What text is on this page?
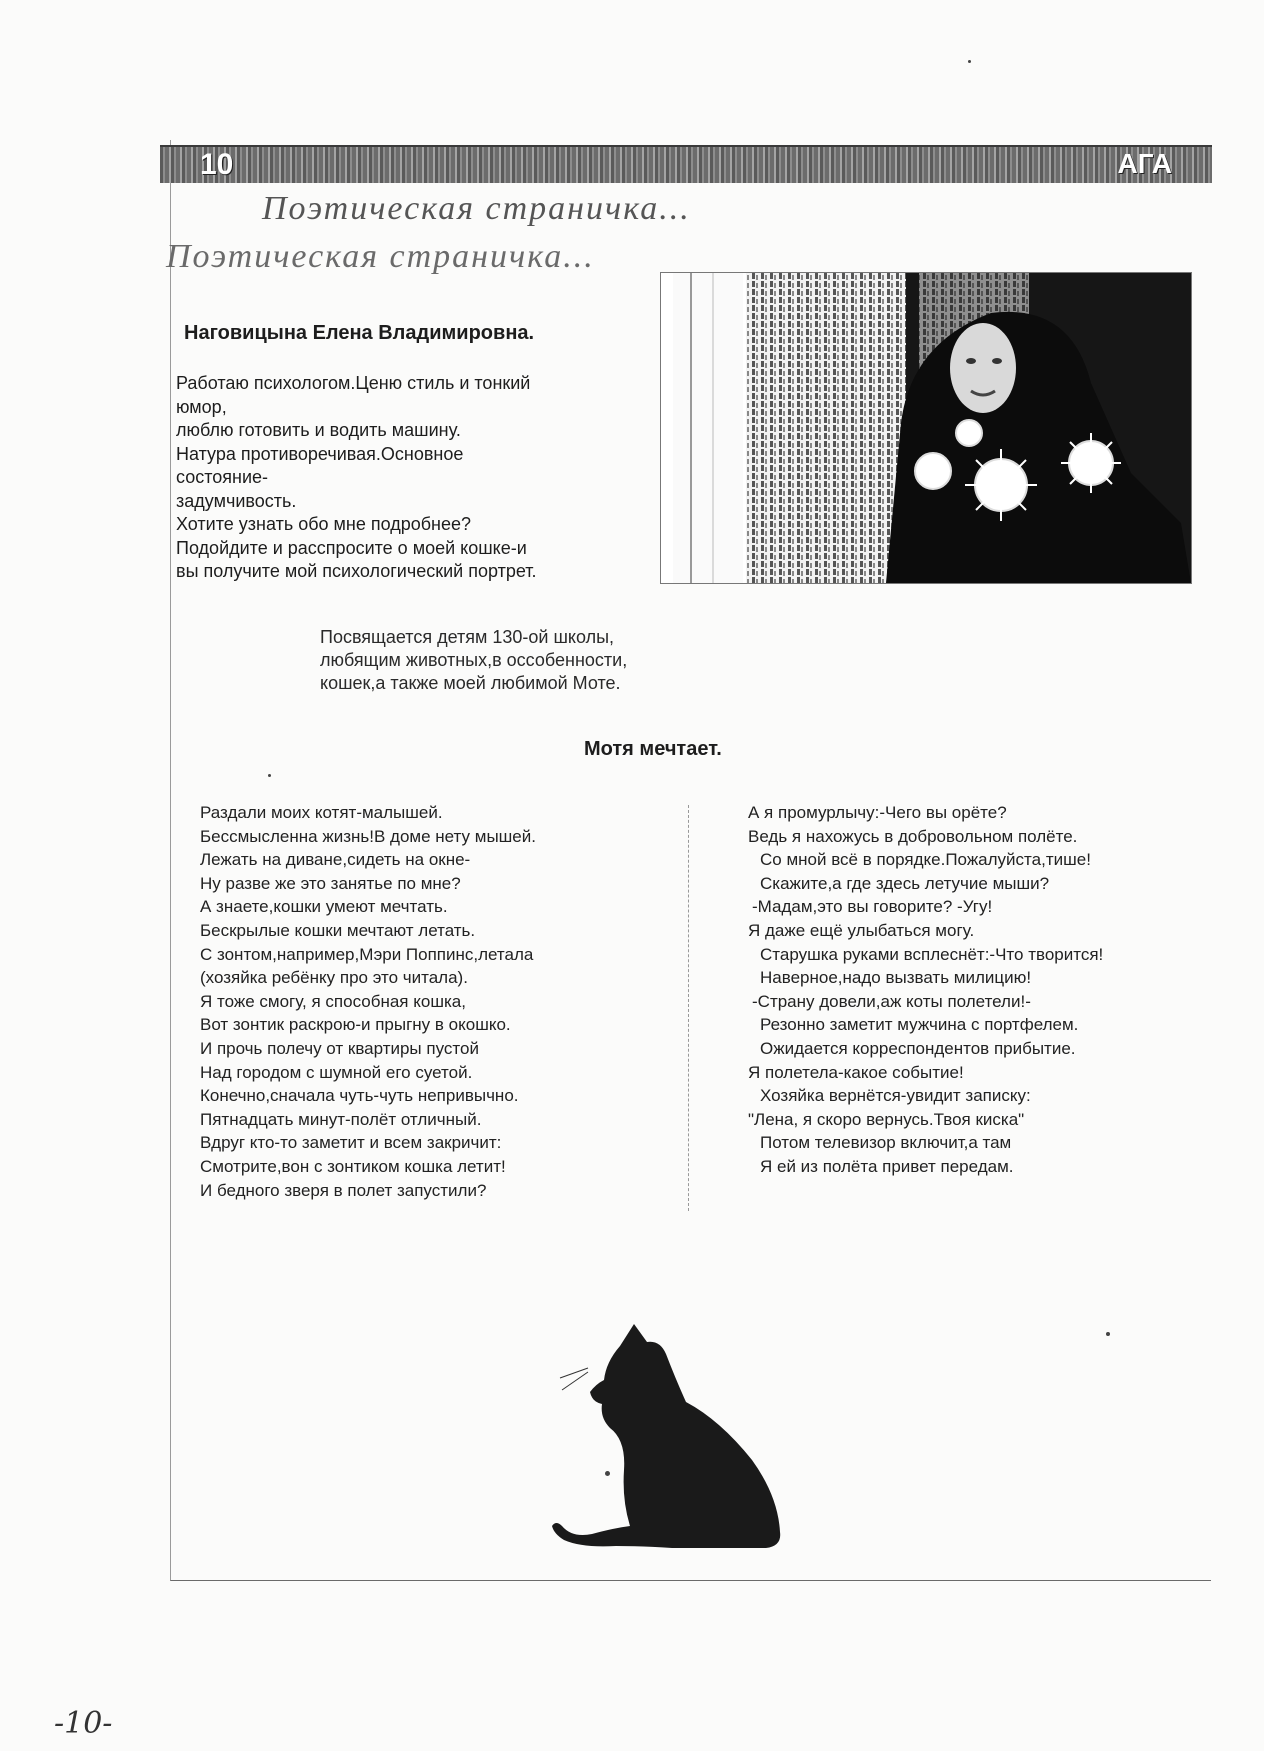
10	АГА
Поэтическая страничка...
Поэтическая страничка...
Наговицына Елена Владимировна.
Работаю психологом.Ценю стиль и тонкий
юмор,
люблю готовить и водить машину.
Натура противоречивая.Основное
состояние-
задумчивость.
Хотите узнать обо мне подробнее?
Подойдите и расспросите о моей кошке-и
вы получите мой психологический портрет.
Посвящается детям 130-ой школы,
любящим животных,в оссобенности,
кошек,а также моей любимой Моте.
Мотя мечтает.
Раздали моих котят-малышей.
Бессмысленна жизнь!В доме нету мышей.
Лежать на диване,сидеть на окне-
Ну разве же это занятье по мне?
А знаете,кошки умеют мечтать.
Бескрылые кошки мечтают летать.
С зонтом,например,Мэри Поппинс,летала
(хозяйка ребёнку про это читала).
Я тоже смогу, я способная кошка,
Вот зонтик раскрою-и прыгну в окошко.
И прочь полечу от квартиры пустой
Над городом с шумной его суетой.
Конечно,сначала чуть-чуть непривычно.
Пятнадцать минут-полёт отличный.
Вдруг кто-то заметит и всем закричит:
Смотрите,вон с зонтиком кошка летит!
И бедного зверя в полет запустили?
А я промурлычу:-Чего вы орёте?
Ведь я нахожусь в добровольном полёте.
Со мной всё в порядке.Пожалуйста,тише!
Скажите,а где здесь летучие мыши?
-Мадам,это вы говорите? -Угу!
Я даже ещё улыбаться могу.
Старушка руками всплеснёт:-Что творится!
Наверное,надо вызвать милицию!
-Страну довели,аж коты полетели!-
Резонно заметит мужчина с портфелем.
Ожидается корреспондентов прибытие.
Я полетела-какое событие!
Хозяйка вернётся-увидит записку:
"Лена, я скоро вернусь.Твоя киска"
Потом телевизор включит,а там
Я ей из полёта привет передам.
-10-
